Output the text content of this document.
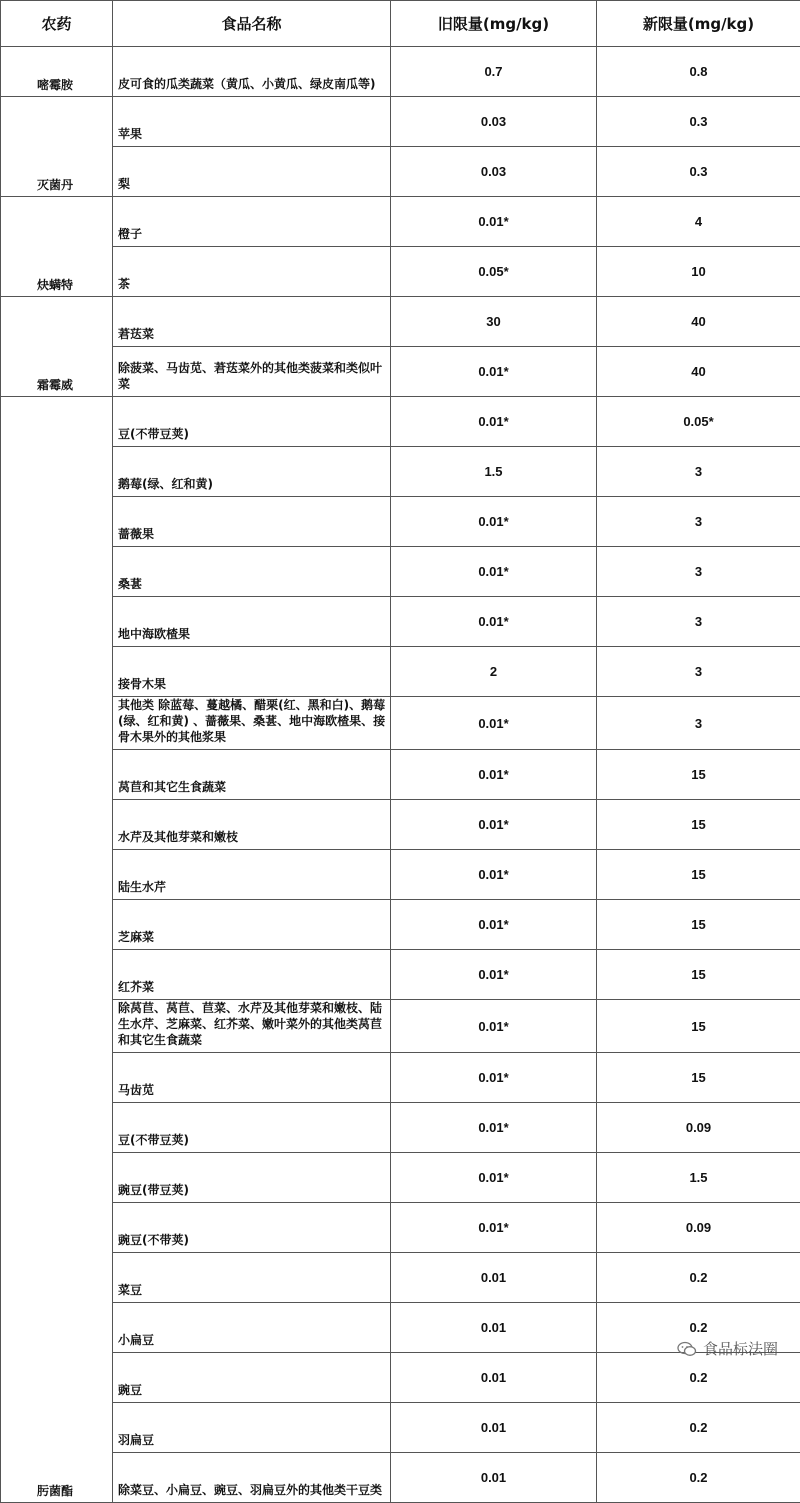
农药	食品名称	旧限量(mg/kg)	新限量(mg/kg)
嘧霉胺	皮可食的瓜类蔬菜（黄瓜、小黄瓜、绿皮南瓜等)	0.7	0.8
灭菌丹	苹果	0.03	0.3
	梨	0.03	0.3
炔螨特	橙子	0.01*	4
	茶	0.05*	10
霜霉威	莙荙菜	30	40
	除菠菜、马齿苋、莙荙菜外的其他类菠菜和类似叶菜	0.01*	40
肟菌酯	豆(不带豆荚)	0.01*	0.05*
	鹅莓(绿、红和黄)	1.5	3
	蔷薇果	0.01*	3
	桑葚	0.01*	3
	地中海欧楂果	0.01*	3
	接骨木果	2	3
	其他类 除蓝莓、蔓越橘、醋栗(红、黑和白)、鹅莓(绿、红和黄) 、蔷薇果、桑葚、地中海欧楂果、接骨木果外的其他浆果	0.01*	3
	莴苣和其它生食蔬菜	0.01*	15
	水芹及其他芽菜和嫩枝	0.01*	15
	陆生水芹	0.01*	15
	芝麻菜	0.01*	15
	红芥菜	0.01*	15
	除莴苣、莴苣、苣菜、水芹及其他芽菜和嫩枝、陆生水芹、芝麻菜、红芥菜、嫩叶菜外的其他类莴苣和其它生食蔬菜	0.01*	15
	马齿苋	0.01*	15
	豆(不带豆荚)	0.01*	0.09
	豌豆(带豆荚)	0.01*	1.5
	豌豆(不带荚)	0.01*	0.09
	菜豆	0.01	0.2
	小扁豆	0.01	0.2
	豌豆	0.01	0.2
	羽扁豆	0.01	0.2
	除菜豆、小扁豆、豌豆、羽扁豆外的其他类干豆类	0.01	0.2
食品标法圈
